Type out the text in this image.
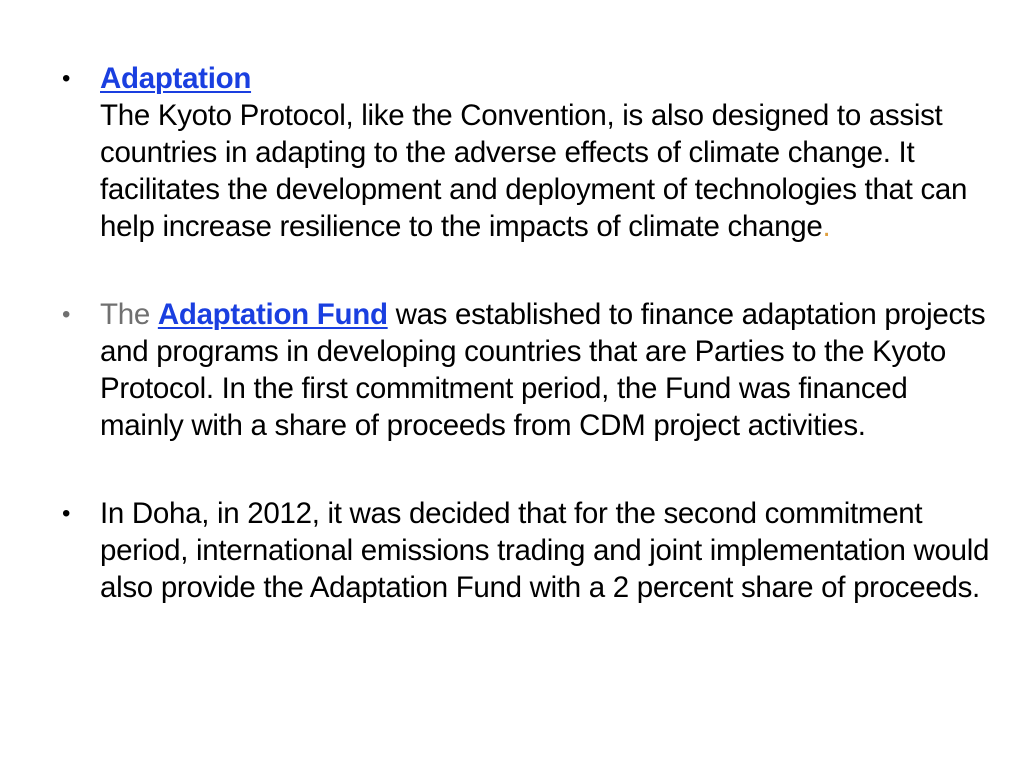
•	Adaptation
The Kyoto Protocol, like the Convention, is also designed to assist countries in adapting to the adverse effects of climate change. It facilitates the development and deployment of technologies that can help increase resilience to the impacts of climate change.
•	The Adaptation Fund was established to finance adaptation projects and programs in developing countries that are Parties to the Kyoto Protocol. In the first commitment period, the Fund was financed mainly with a share of proceeds from CDM project activities.
•	In Doha, in 2012, it was decided that for the second commitment period, international emissions trading and joint implementation would also provide the Adaptation Fund with a 2 percent share of proceeds.
